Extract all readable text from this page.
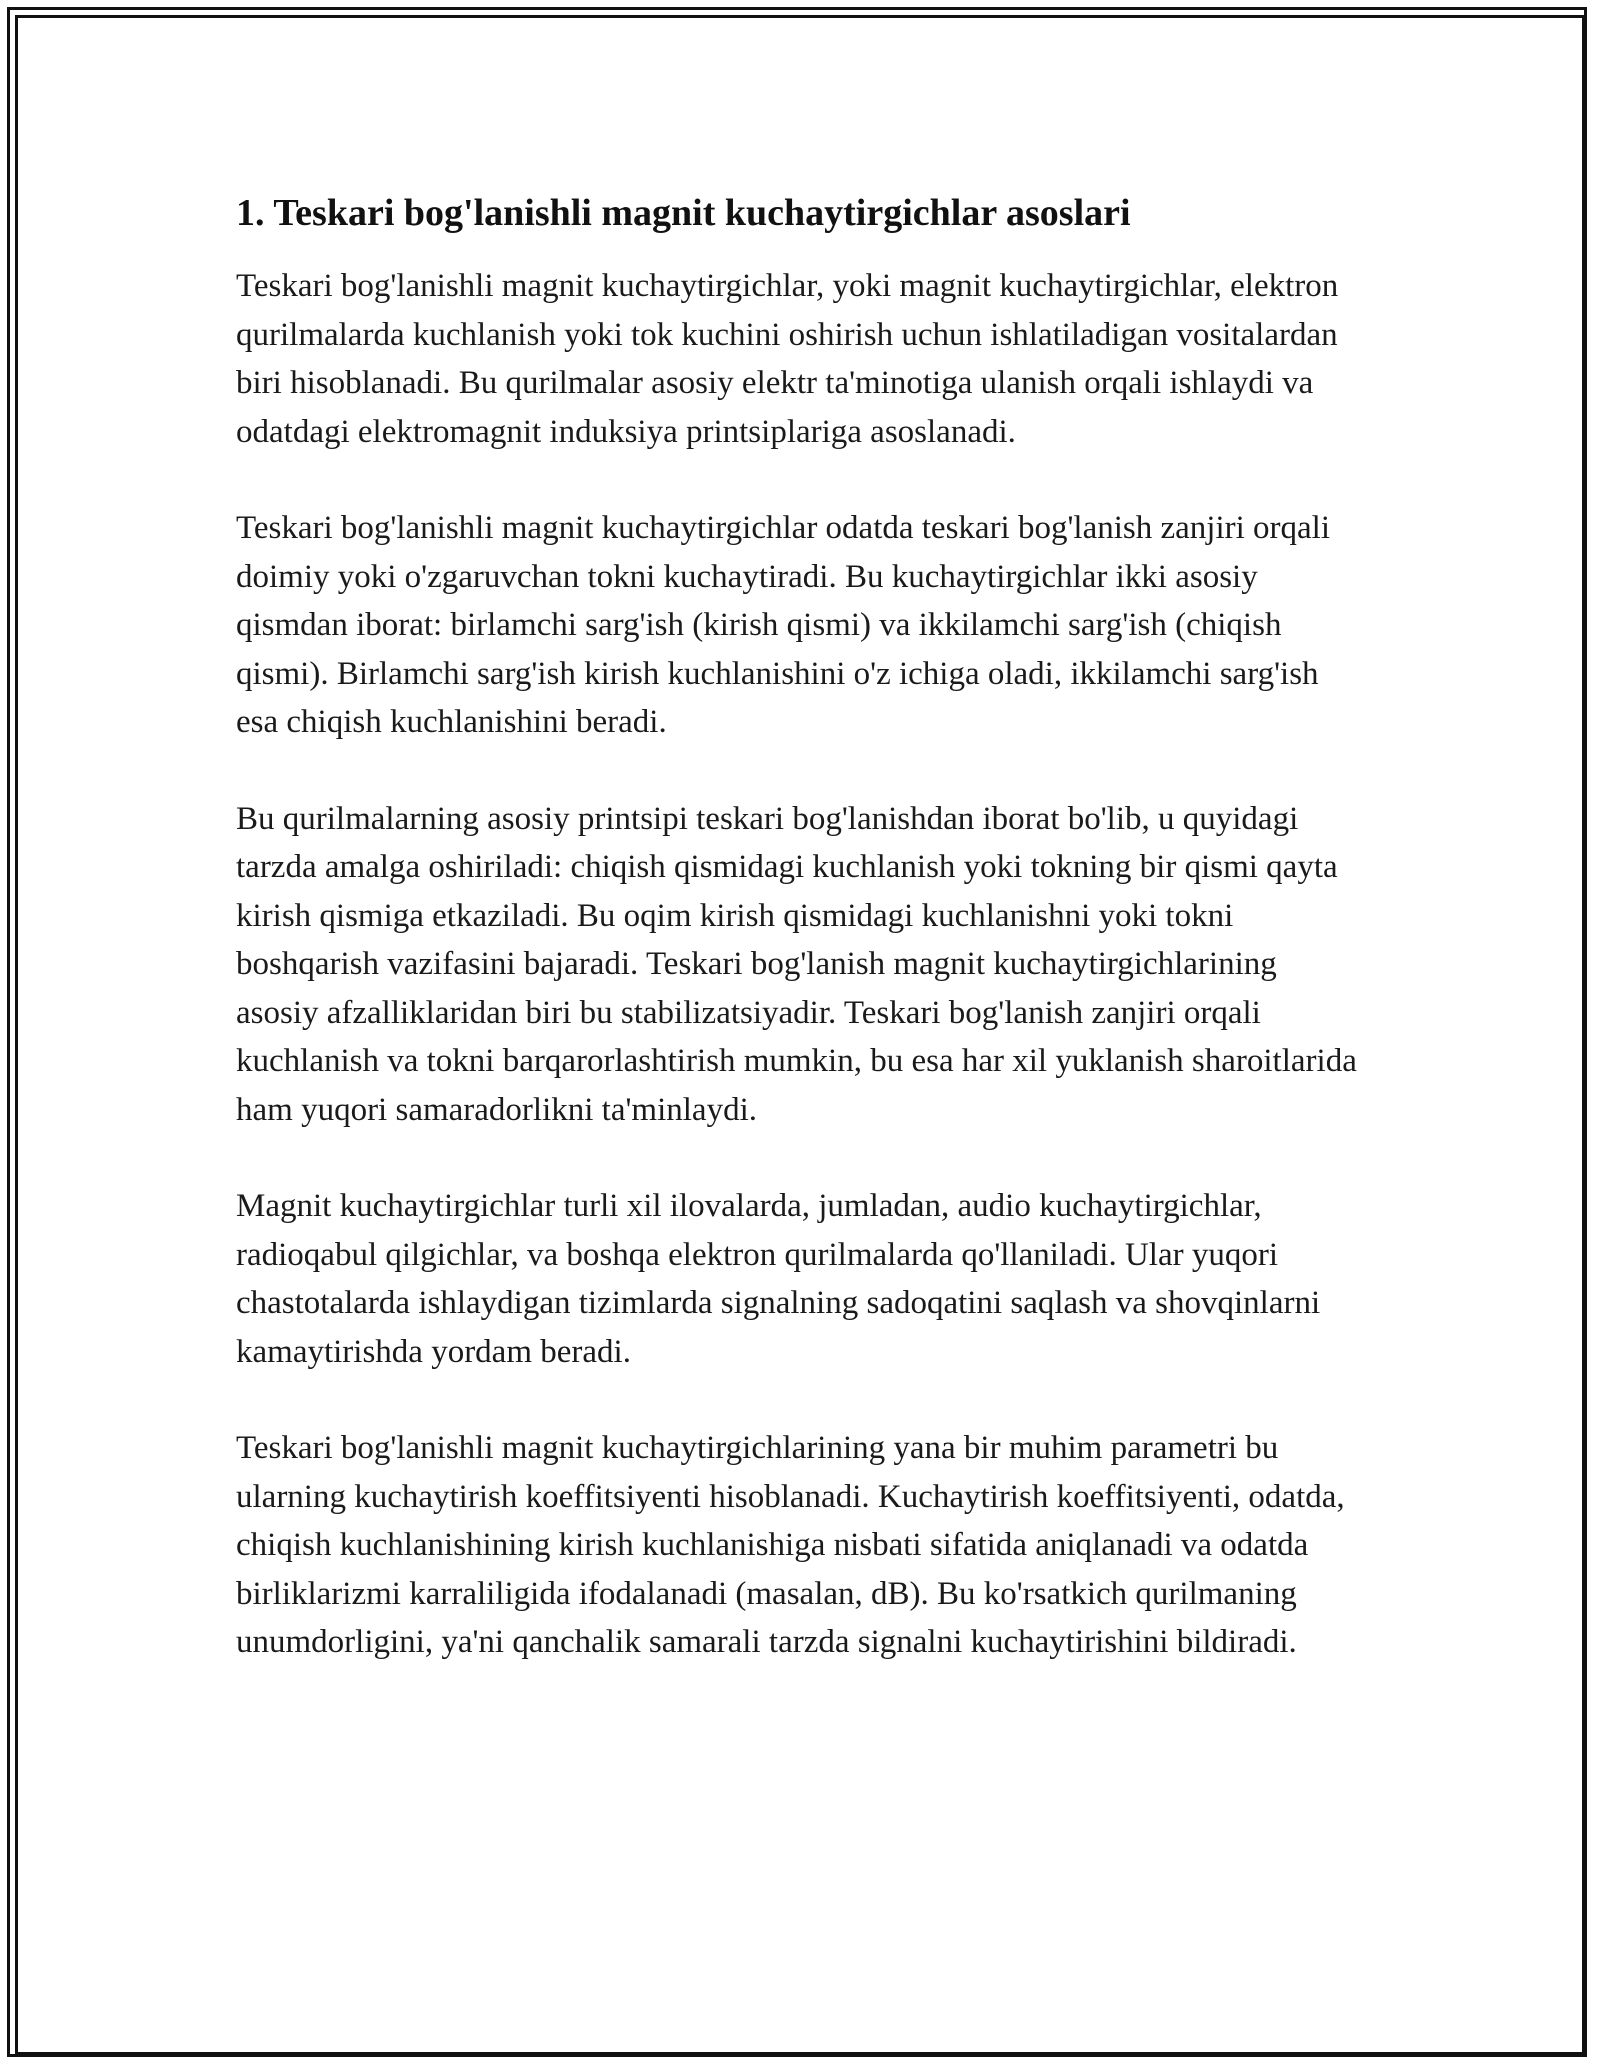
1. Teskari bog'lanishli magnit kuchaytirgichlar asoslari

Teskari bog'lanishli magnit kuchaytirgichlar, yoki magnit kuchaytirgichlar, elektron qurilmalarda kuchlanish yoki tok kuchini oshirish uchun ishlatiladigan vositalardan biri hisoblanadi. Bu qurilmalar asosiy elektr ta'minotiga ulanish orqali ishlaydi va odatdagi elektromagnit induksiya printsiplariga asoslanadi.

Teskari bog'lanishli magnit kuchaytirgichlar odatda teskari bog'lanish zanjiri orqali doimiy yoki o'zgaruvchan tokni kuchaytiradi. Bu kuchaytirgichlar ikki asosiy qismdan iborat: birlamchi sarg'ish (kirish qismi) va ikkilamchi sarg'ish (chiqish qismi). Birlamchi sarg'ish kirish kuchlanishini o'z ichiga oladi, ikkilamchi sarg'ish esa chiqish kuchlanishini beradi.

Bu qurilmalarning asosiy printsipi teskari bog'lanishdan iborat bo'lib, u quyidagi tarzda amalga oshiriladi: chiqish qismidagi kuchlanish yoki tokning bir qismi qayta kirish qismiga etkaziladi. Bu oqim kirish qismidagi kuchlanishni yoki tokni boshqarish vazifasini bajaradi. Teskari bog'lanish magnit kuchaytirgichlarining asosiy afzalliklaridan biri bu stabilizatsiyadir. Teskari bog'lanish zanjiri orqali kuchlanish va tokni barqarorlashtirish mumkin, bu esa har xil yuklanish sharoitlarida ham yuqori samaradorlikni ta'minlaydi.

Magnit kuchaytirgichlar turli xil ilovalarda, jumladan, audio kuchaytirgichlar, radioqabul qilgichlar, va boshqa elektron qurilmalarda qo'llaniladi. Ular yuqori chastotalarda ishlaydigan tizimlarda signalning sadoqatini saqlash va shovqinlarni kamaytirishda yordam beradi.

Teskari bog'lanishli magnit kuchaytirgichlarining yana bir muhim parametri bu ularning kuchaytirish koeffitsiyenti hisoblanadi. Kuchaytirish koeffitsiyenti, odatda, chiqish kuchlanishining kirish kuchlanishiga nisbati sifatida aniqlanadi va odatda birliklarizmi karraliligida ifodalanadi (masalan, dB). Bu ko'rsatkich qurilmaning unumdorligini, ya'ni qanchalik samarali tarzda signalni kuchaytirishini bildiradi.
